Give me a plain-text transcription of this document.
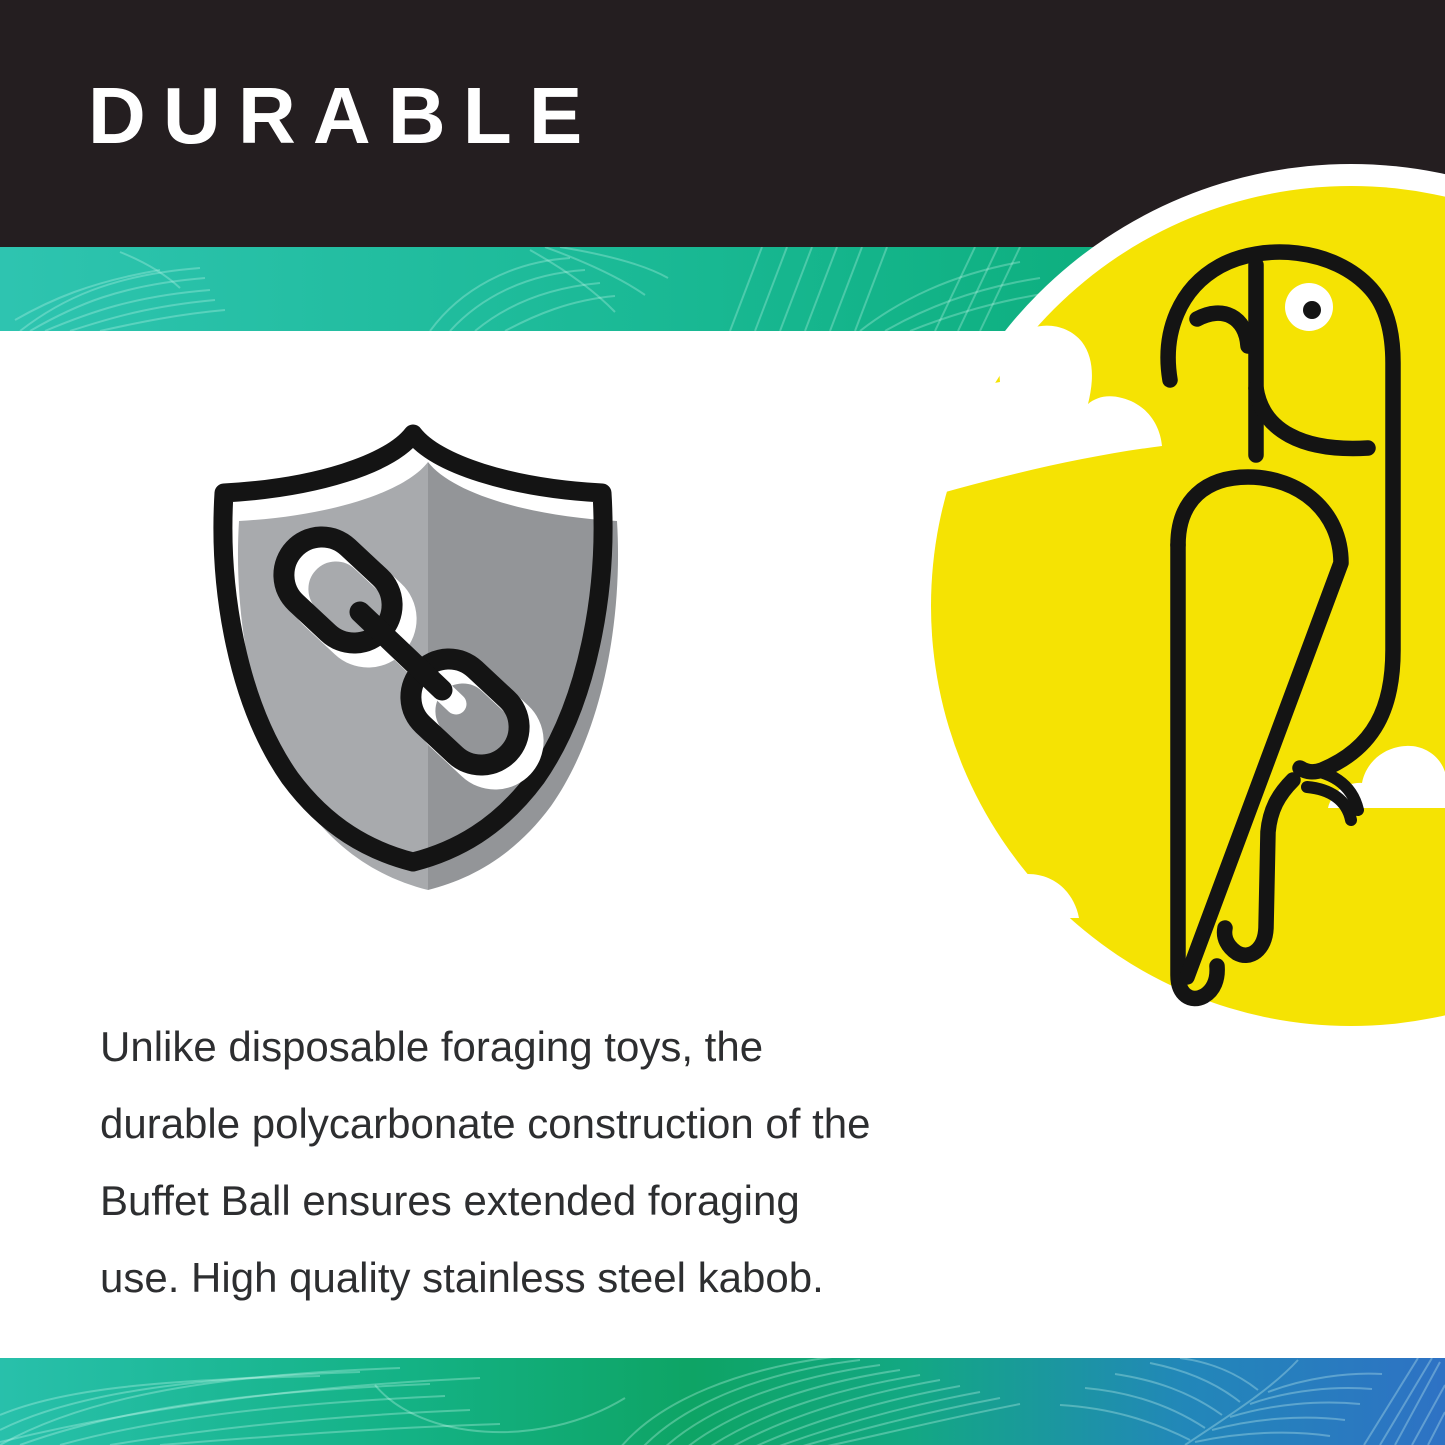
DURABLE

Unlike disposable foraging toys, the

durable polycarbonate construction of the

Buffet Ball ensures extended foraging

use. High quality stainless steel kabob.
